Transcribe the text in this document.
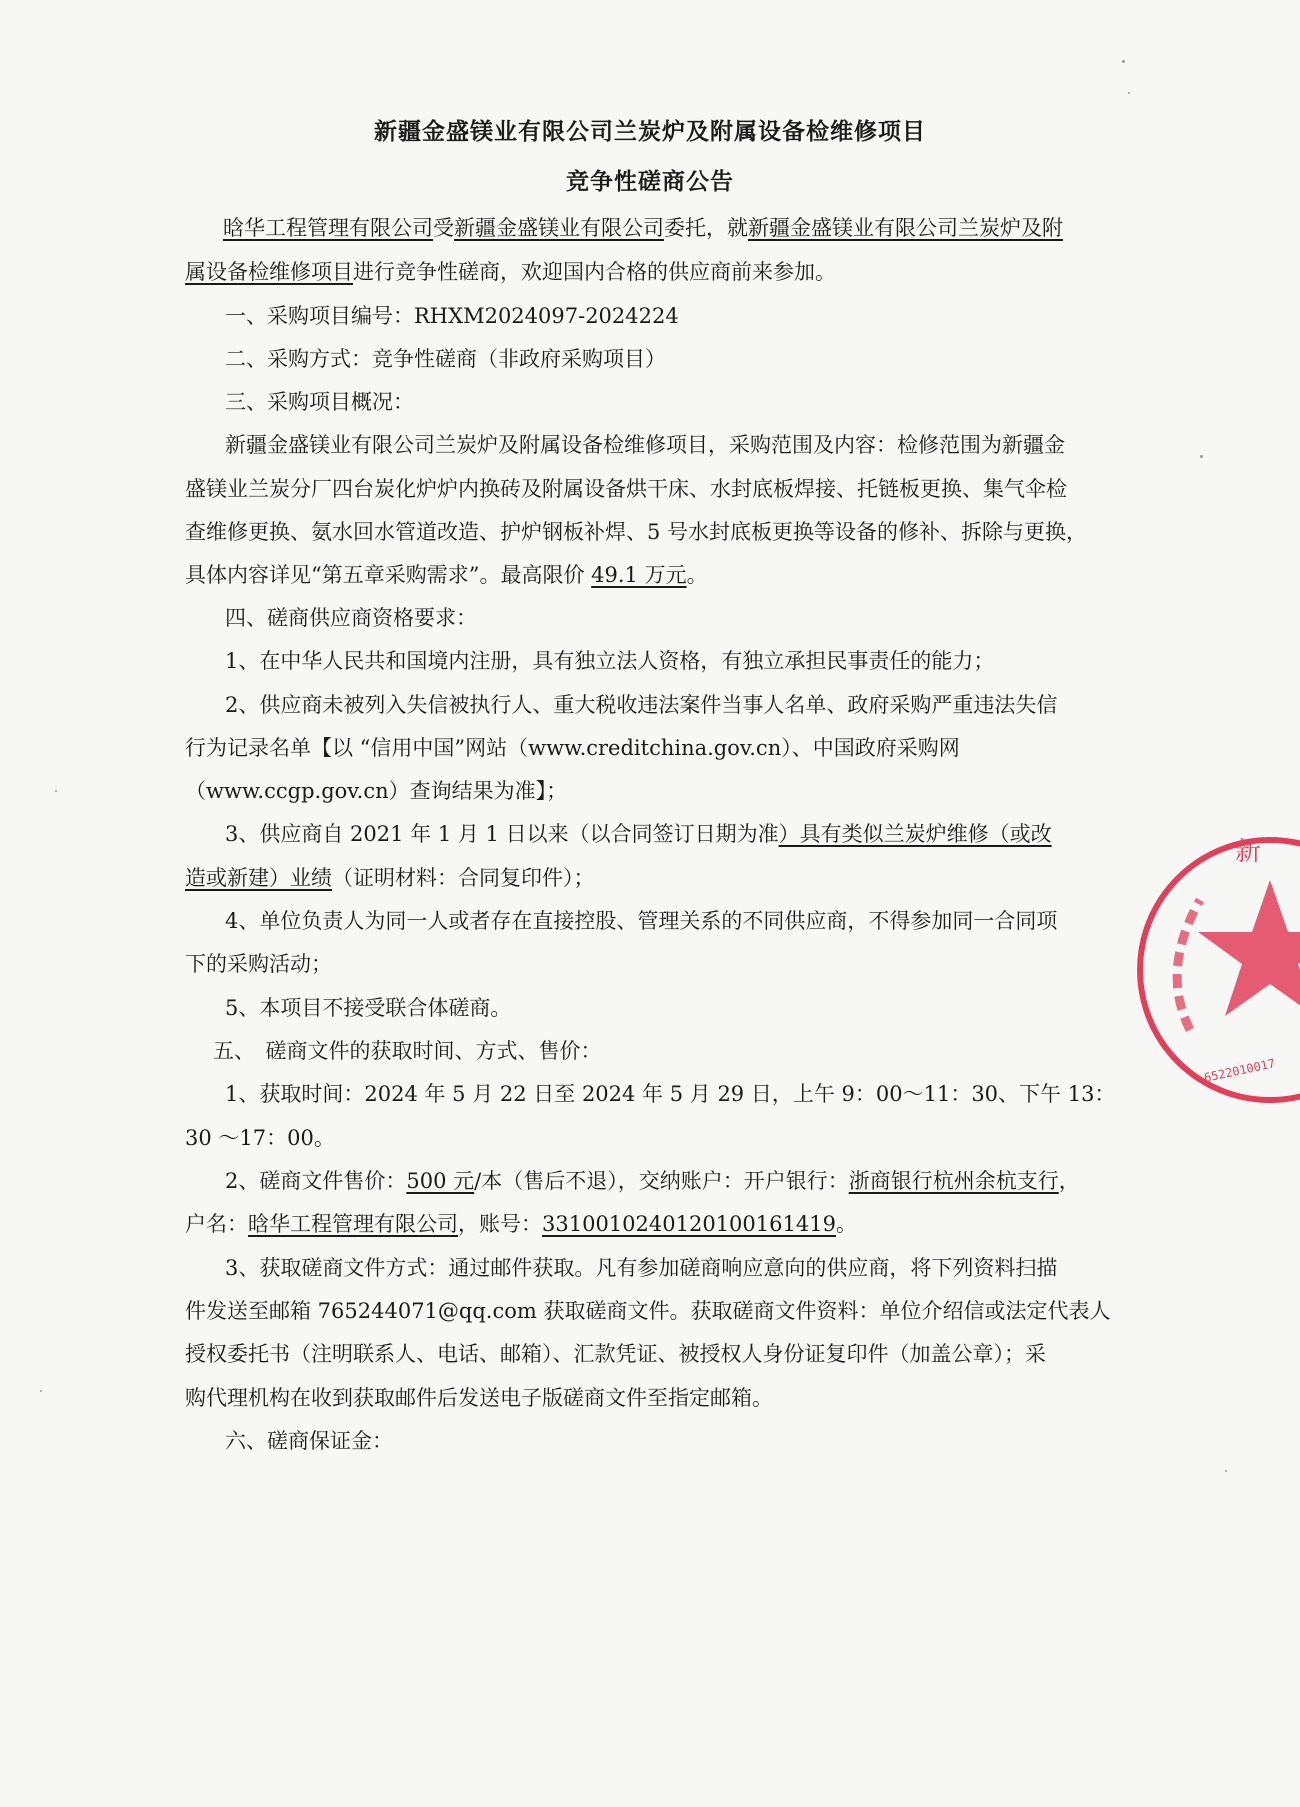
新疆金盛镁业有限公司兰炭炉及附属设备检维修项目
竞争性磋商公告
晗华工程管理有限公司受新疆金盛镁业有限公司委托，就新疆金盛镁业有限公司兰炭炉及附
属设备检维修项目进行竞争性磋商，欢迎国内合格的供应商前来参加。
一、采购项目编号：RHXM2024097-2024224
二、采购方式：竞争性磋商（非政府采购项目）
三、采购项目概况：
新疆金盛镁业有限公司兰炭炉及附属设备检维修项目，采购范围及内容：检修范围为新疆金
盛镁业兰炭分厂四台炭化炉炉内换砖及附属设备烘干床、水封底板焊接、托链板更换、集气伞检
查维修更换、氨水回水管道改造、护炉钢板补焊、5 号水封底板更换等设备的修补、拆除与更换，
具体内容详见“第五章采购需求”。最高限价 49.1 万元。
四、磋商供应商资格要求：
1、在中华人民共和国境内注册，具有独立法人资格，有独立承担民事责任的能力；
2、供应商未被列入失信被执行人、重大税收违法案件当事人名单、政府采购严重违法失信
行为记录名单【以 “信用中国”网站（www.creditchina.gov.cn）、中国政府采购网
（www.ccgp.gov.cn）查询结果为准】；
3、供应商自 2021 年 1 月 1 日以来（以合同签订日期为准）具有类似兰炭炉维修（或改
造或新建）业绩（证明材料：合同复印件）；
4、单位负责人为同一人或者存在直接控股、管理关系的不同供应商，不得参加同一合同项
下的采购活动；
5、本项目不接受联合体磋商。
五、　磋商文件的获取时间、方式、售价：
1、获取时间：2024 年 5 月 22 日至 2024 年 5 月 29 日，上午 9：00～11：30、下午 13：
30 ～17：00。
2、磋商文件售价：500 元/本（售后不退），交纳账户：开户银行：浙商银行杭州余杭支行，
户名：晗华工程管理有限公司，账号：3310010240120100161419。
3、获取磋商文件方式：通过邮件获取。凡有参加磋商响应意向的供应商，将下列资料扫描
件发送至邮箱 765244071@qq.com 获取磋商文件。获取磋商文件资料：单位介绍信或法定代表人
授权委托书（注明联系人、电话、邮箱）、汇款凭证、被授权人身份证复印件（加盖公章）；采
购代理机构在收到获取邮件后发送电子版磋商文件至指定邮箱。
六、磋商保证金：
新
6522010017
